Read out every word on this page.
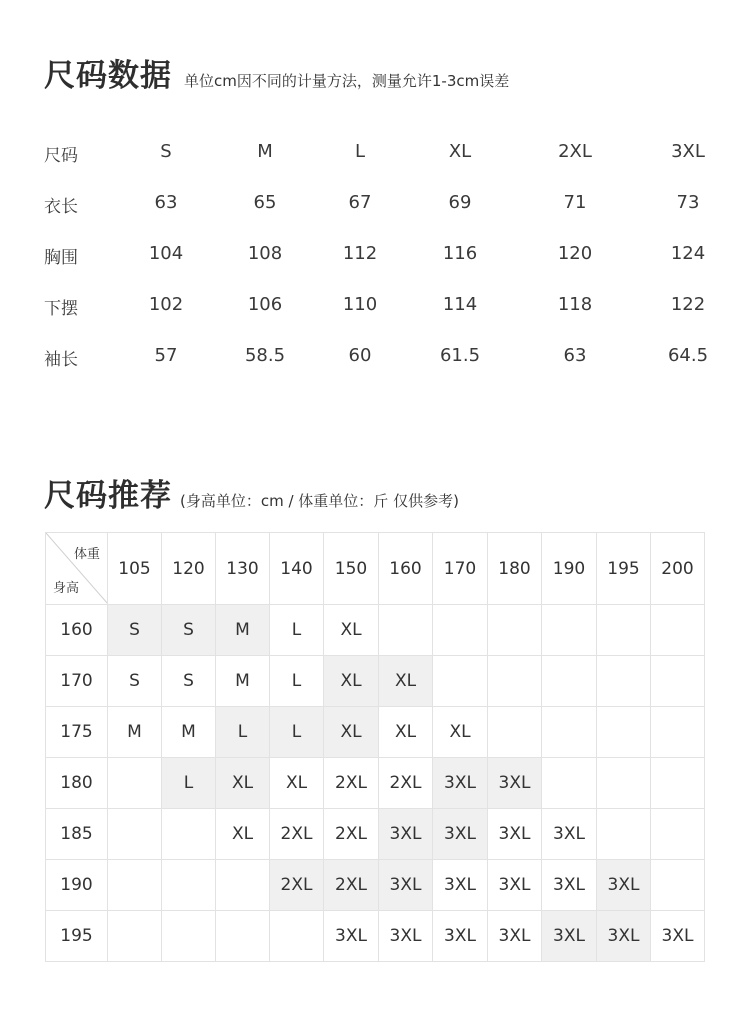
尺码数据 单位cm因不同的计量方法，测量允许1-3cm误差
尺码	S	M	L	XL	2XL	3XL
衣长	63	65	67	69	71	73
胸围	104	108	112	116	120	124
下摆	102	106	110	114	118	122
袖长	57	58.5	60	61.5	63	64.5
尺码推荐 (身高单位：cm / 体重单位：斤 仅供参考)
体重
身高	105	120	130	140	150	160	170	180	190	195	200
160	S	S	M	L	XL						
170	S	S	M	L	XL	XL					
175	M	M	L	L	XL	XL	XL				
180		L	XL	XL	2XL	2XL	3XL	3XL			
185			XL	2XL	2XL	3XL	3XL	3XL	3XL		
190				2XL	2XL	3XL	3XL	3XL	3XL	3XL	
195					3XL	3XL	3XL	3XL	3XL	3XL	3XL
